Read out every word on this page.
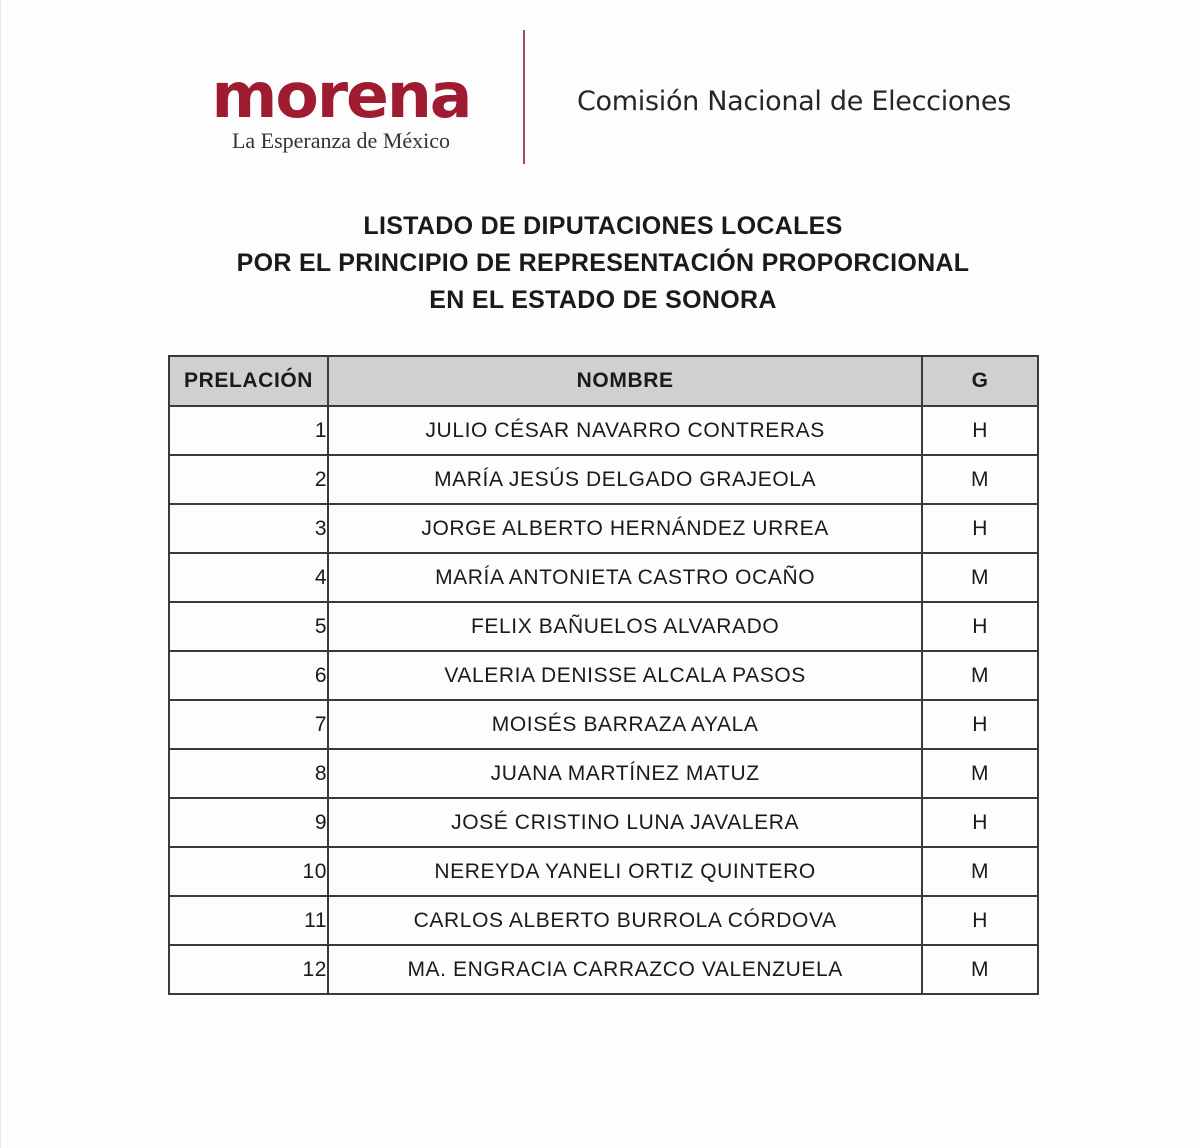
morena
La Esperanza de México
Comisión Nacional de Elecciones
LISTADO DE DIPUTACIONES LOCALES
POR EL PRINCIPIO DE REPRESENTACIÓN PROPORCIONAL
EN EL ESTADO DE SONORA
PRELACIÓN	NOMBRE	G
1	JULIO CÉSAR NAVARRO CONTRERAS	H
2	MARÍA JESÚS DELGADO GRAJEOLA	M
3	JORGE ALBERTO HERNÁNDEZ URREA	H
4	MARÍA ANTONIETA CASTRO OCAÑO	M
5	FELIX BAÑUELOS ALVARADO	H
6	VALERIA DENISSE ALCALA PASOS	M
7	MOISÉS BARRAZA AYALA	H
8	JUANA MARTÍNEZ MATUZ	M
9	JOSÉ CRISTINO LUNA JAVALERA	H
10	NEREYDA YANELI ORTIZ QUINTERO	M
11	CARLOS ALBERTO BURROLA CÓRDOVA	H
12	MA. ENGRACIA CARRAZCO VALENZUELA	M
